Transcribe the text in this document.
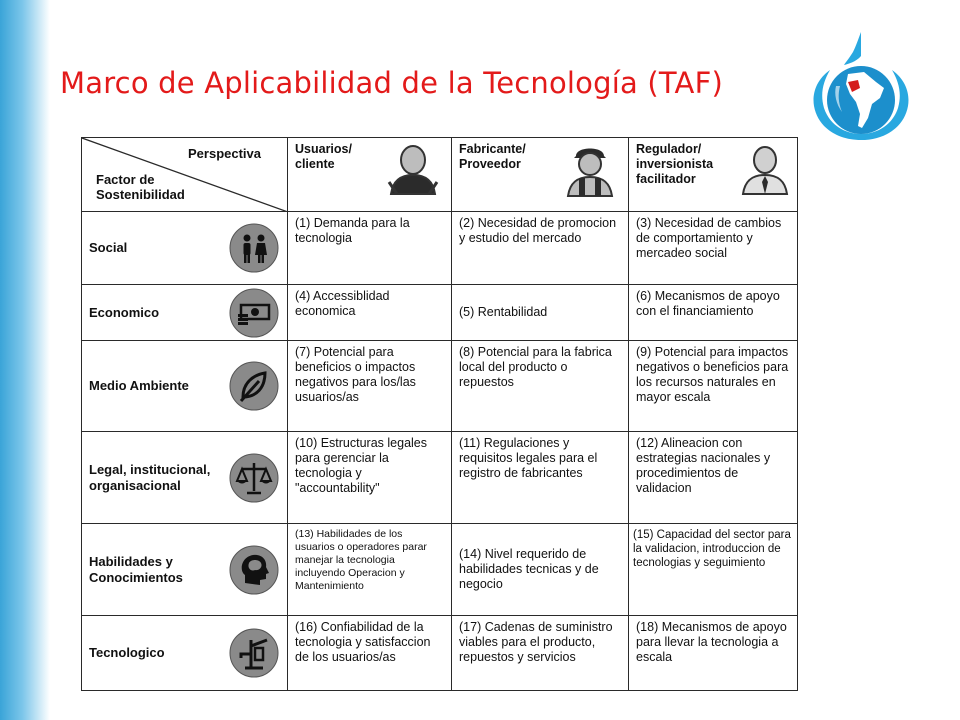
Marco de Aplicabilidad de la Tecnología (TAF)
Perspectiva
Factor de Sostenibilidad	Usuarios/ cliente	Fabricante/ Proveedor	Regulador/ inversionista facilitador

Social	(1) Demanda para la tecnologia	(2) Necesidad de promocion y estudio del mercado	(3) Necesidad de cambios de comportamiento y mercadeo social

Economico	(4) Accessiblidad economica	(5) Rentabilidad	(6) Mecanismos de apoyo con el financiamiento

Medio Ambiente	(7) Potencial para beneficios o impactos negativos para los/las usuarios/as	(8) Potencial para la fabrica local del producto o repuestos	(9) Potencial para impactos negativos o beneficios para los recursos naturales en mayor escala

Legal, institucional, organisacional	(10) Estructuras legales para gerenciar la tecnologia y "accountability"	(11) Regulaciones y requisitos legales para el registro de fabricantes	(12) Alineacion con estrategias nacionales y procedimientos de validacion

Habilidades y Conocimientos	(13) Habilidades de los usuarios o operadores parar manejar la tecnologia incluyendo Operacion y Mantenimiento	(14) Nivel requerido de habilidades tecnicas y de negocio	(15) Capacidad del sector para la validacion, introduccion de tecnologias y seguimiento

Tecnologico	(16) Confiabilidad de la tecnologia y satisfaccion de los usuarios/as	(17) Cadenas de suministro viables para el producto, repuestos y servicios	(18) Mecanismos de apoyo para llevar la tecnologia a escala
